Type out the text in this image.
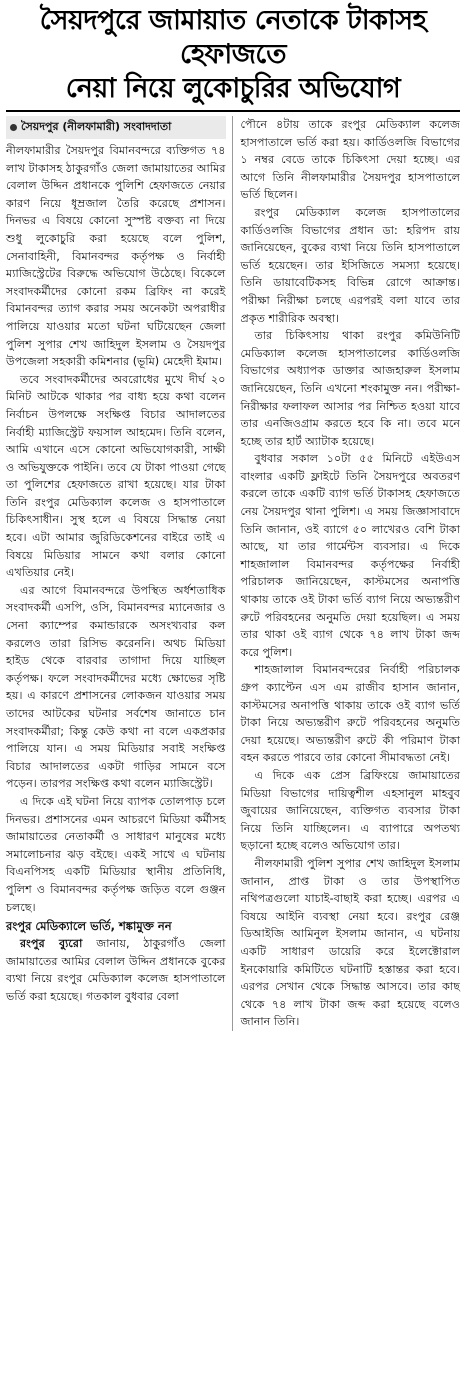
সৈয়দপুরে জামায়াত নেতাকে টাকাসহ হেফাজতে
নেয়া নিয়ে লুকোচুরির অভিযোগ
সৈয়দপুর (নীলফামারী) সংবাদদাতা

নীলফামারীর সৈয়দপুর বিমানবন্দরে ব্যক্তিগত ৭৪ লাখ টাকাসহ ঠাকুরগাঁও জেলা জামায়াতের আমির বেলাল উদ্দিন প্রধানকে পুলিশি হেফাজতে নেয়ার কারণ নিয়ে ধূম্রজাল তৈরি করেছে প্রশাসন। দিনভর এ বিষয়ে কোনো সুস্পষ্ট বক্তব্য না দিয়ে শুধু লুকোচুরি করা হয়েছে বলে পুলিশ, সেনাবাহিনী, বিমানবন্দর কর্তৃপক্ষ ও নির্বাহী ম্যাজিস্ট্রেটের বিরুদ্ধে অভিযোগ উঠেছে। বিকেলে সংবাদকর্মীদের কোনো রকম ব্রিফিং না করেই বিমানবন্দর ত্যাগ করার সময় অনেকটা অপরাধীর পালিয়ে যাওয়ার মতো ঘটনা ঘটিয়েছেন জেলা পুলিশ সুপার শেখ জাহিদুল ইসলাম ও সৈয়দপুর উপজেলা সহকারী কমিশনার (ভূমি) মেহেদী ইমাম।

তবে সংবাদকর্মীদের অবরোধের মুখে দীর্ঘ ২০ মিনিট আটকে থাকার পর বাধ্য হয়ে কথা বলেন নির্বাচন উপলক্ষে সংক্ষিপ্ত বিচার আদালতের নির্বাহী ম্যাজিস্ট্রেট ফয়সাল আহমেদ। তিনি বলেন, আমি এখানে এসে কোনো অভিযোগকারী, সাক্ষী ও অভিযুক্তকে পাইনি। তবে যে টাকা পাওয়া গেছে তা পুলিশের হেফাজতে রাখা হয়েছে। যার টাকা তিনি রংপুর মেডিক্যাল কলেজ ও হাসপাতালে চিকিৎসাধীন। সুস্থ হলে এ বিষয়ে সিদ্ধান্ত নেয়া হবে। এটা আমার জুরিডিকেশনের বাইরে তাই এ বিষয়ে মিডিয়ার সামনে কথা বলার কোনো এখতিয়ার নেই।

এর আগে বিমানবন্দরে উপস্থিত অর্ধশতাধিক সংবাদকর্মী এসপি, ওসি, বিমানবন্দর ম্যানেজার ও সেনা ক্যাম্পের কমান্ডারকে অসংখ্যবার কল করলেও তারা রিসিভ করেননি। অথচ মিডিয়া হাইড থেকে বারবার তাগাদা দিয়ে যাচ্ছিল কর্তৃপক্ষ। ফলে সংবাদকর্মীদের মধ্যে ক্ষোভের সৃষ্টি হয়। এ কারণে প্রশাসনের লোকজন যাওয়ার সময় তাদের আটকের ঘটনার সর্বশেষ জানাতে চান সংবাদকর্মীরা; কিন্তু কেউ কথা না বলে একপ্রকার পালিয়ে যান। এ সময় মিডিয়ার সবাই সংক্ষিপ্ত বিচার আদালতের একটা গাড়ির সামনে বসে পড়েন। তারপর সংক্ষিপ্ত কথা বলেন ম্যাজিস্ট্রেট।

এ দিকে এই ঘটনা নিয়ে ব্যাপক তোলপাড় চলে দিনভর। প্রশাসনের এমন আচরণে মিডিয়া কর্মীসহ জামায়াতের নেতাকর্মী ও সাধারণ মানুষের মধ্যে সমালোচনার ঝড় বইছে। একই সাথে এ ঘটনায় বিএনপিসহ একটি মিডিয়ার স্থানীয় প্রতিনিধি, পুলিশ ও বিমানবন্দর কর্তৃপক্ষ জড়িত বলে গুঞ্জন চলছে।

রংপুর মেডিক্যালে ভর্তি, শঙ্কামুক্ত নন

রংপুর ব্যুরো জানায়, ঠাকুরগাঁও জেলা জামায়াতের আমির বেলাল উদ্দিন প্রধানকে বুকের ব্যথা নিয়ে রংপুর মেডিক্যাল কলেজ হাসপাতালে ভর্তি করা হয়েছে। গতকাল বুধবার বেলা

পৌনে ৪টায় তাকে রংপুর মেডিক্যাল কলেজ হাসপাতালে ভর্তি করা হয়। কার্ডিওলজি বিভাগের ১ নম্বর বেডে তাকে চিকিৎসা দেয়া হচ্ছে। এর আগে তিনি নীলফামারীর সৈয়দপুর হাসপাতালে ভর্তি ছিলেন।

রংপুর মেডিক্যাল কলেজ হাসপাতালের কার্ডিওলজি বিভাগের প্রধান ডা: হরিপদ রায় জানিয়েছেন, বুকের ব্যথা নিয়ে তিনি হাসপাতালে ভর্তি হয়েছেন। তার ইসিজিতে সমস্যা হয়েছে। তিনি ডায়াবেটিকসহ বিভিন্ন রোগে আক্রান্ত। পরীক্ষা নিরীক্ষা চলছে এরপরই বলা যাবে তার প্রকৃত শারীরিক অবস্থা।

তার চিকিৎসায় থাকা রংপুর কমিউনিটি মেডিক্যাল কলেজ হাসপাতালের কার্ডিওলজি বিভাগের অধ্যাপক ডাক্তার আজহারুল ইসলাম জানিয়েছেন, তিনি এখনো শংকামুক্ত নন। পরীক্ষা-নিরীক্ষার ফলাফল আসার পর নিশ্চিত হওয়া যাবে তার এনজিওগ্রাম করতে হবে কি না। তবে মনে হচ্ছে তার হার্ট অ্যাটাক হয়েছে।

বুধবার সকাল ১০টা ৫৫ মিনিটে এইউএস বাংলার একটি ফ্লাইটে তিনি সৈয়দপুরে অবতরণ করলে তাকে একটি ব্যাগ ভর্তি টাকাসহ হেফাজতে নেয় সৈয়দপুর থানা পুলিশ। এ সময় জিজ্ঞাসাবাদে তিনি জানান, ওই ব্যাগে ৫০ লাখেরও বেশি টাকা আছে, যা তার গার্মেন্টস ব্যবসার। এ দিকে শাহজালাল বিমানবন্দর কর্তৃপক্ষের নির্বাহী পরিচালক জানিয়েছেন, কাস্টমসের অনাপত্তি থাকায় তাকে ওই টাকা ভর্তি ব্যাগ নিয়ে অভ্যন্তরীণ রুটে পরিবহনের অনুমতি দেয়া হয়েছিল। এ সময় তার থাকা ওই ব্যাগ থেকে ৭৪ লাখ টাকা জব্দ করে পুলিশ।

শাহজালাল বিমানবন্দরের নির্বাহী পরিচালক গ্রুপ ক্যাপ্টেন এস এম রাজীব হাসান জানান, কাস্টমসের অনাপত্তি থাকায় তাকে ওই ব্যাগ ভর্তি টাকা নিয়ে অভ্যন্তরীণ রুটে পরিবহনের অনুমতি দেয়া হয়েছে। অভ্যন্তরীণ রুটে কী পরিমাণ টাকা বহন করতে পারবে তার কোনো সীমাবদ্ধতা নেই।

এ দিকে এক প্রেস ব্রিফিংয়ে জামায়াতের মিডিয়া বিভাগের দায়িত্বশীল এহসানুল মাহবুব জুবায়ের জানিয়েছেন, ব্যক্তিগত ব্যবসার টাকা নিয়ে তিনি যাচ্ছিলেন। এ ব্যাপারে অপতথ্য ছড়ানো হচ্ছে বলেও অভিযোগ তার।

নীলফামারী পুলিশ সুপার শেখ জাহিদুল ইসলাম জানান, প্রাপ্ত টাকা ও তার উপস্থাপিত নথিপত্রগুলো যাচাই-বাছাই করা হচ্ছে। এরপর এ বিষয়ে আইনি ব্যবস্থা নেয়া হবে। রংপুর রেঞ্জ ডিআইজি আমিনুল ইসলাম জানান, এ ঘটনায় একটি সাধারণ ডায়েরি করে ইলেক্টোরাল ইনকোয়ারি কমিটিতে ঘটনাটি হস্তান্তর করা হবে। এরপর সেখান থেকে সিদ্ধান্ত আসবে। তার কাছ থেকে ৭৪ লাখ টাকা জব্দ করা হয়েছে বলেও জানান তিনি।
